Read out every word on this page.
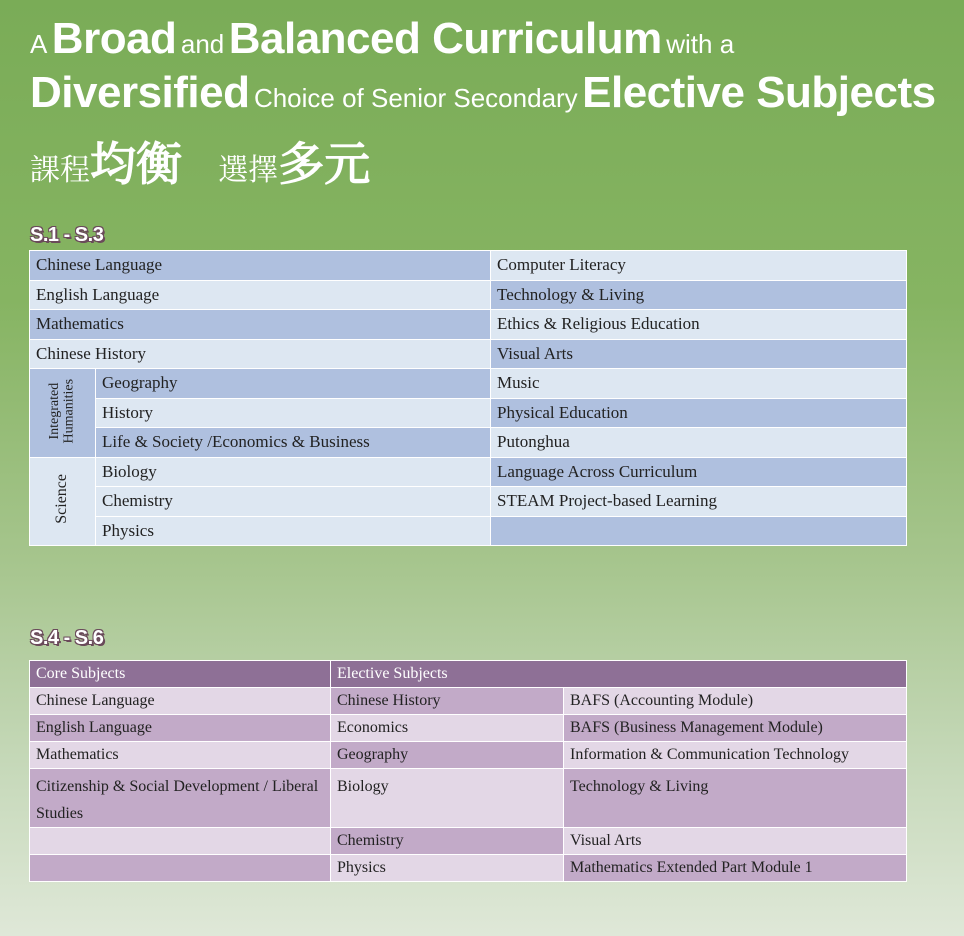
A Broad and Balanced Curriculum with a
Diversified Choice of Senior Secondary Elective Subjects
課程均衡 選擇多元
S.1 - S.3
Chinese Language		Computer Literacy
English Language		Technology & Living
Mathematics		Ethics & Religious Education
Chinese History		Visual Arts
Integrated Humanities	Geography	Music
	History	Physical Education
	Life & Society /Economics & Business	Putonghua
Science	Biology	Language Across Curriculum
	Chemistry	STEAM Project-based Learning
	Physics	
S.4 - S.6
Core Subjects	Elective Subjects	
Chinese Language	Chinese History	BAFS (Accounting Module)
English Language	Economics	BAFS (Business Management Module)
Mathematics	Geography	Information & Communication Technology
Citizenship & Social Development / Liberal Studies	Biology	Technology & Living
	Chemistry	Visual Arts
	Physics	Mathematics Extended Part Module 1
